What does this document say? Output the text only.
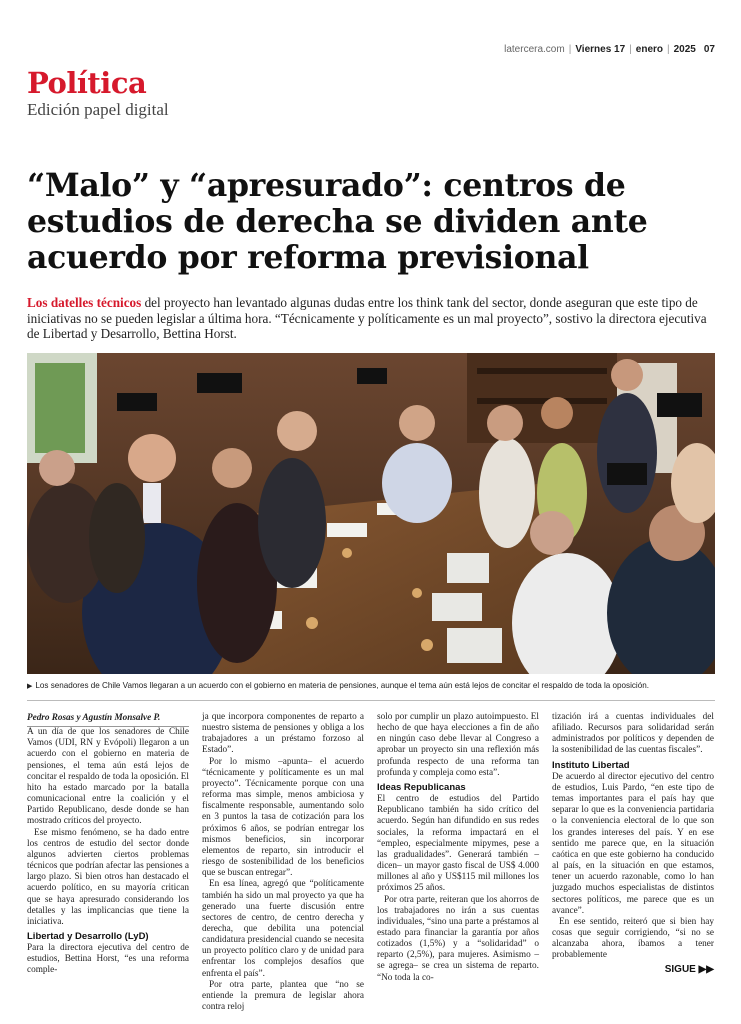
latercera.com | Viernes 17 | enero | 2025 07
Política
Edición papel digital
“Malo” y “apresurado”: centros de estudios de derecha se dividen ante acuerdo por reforma previsional
Los datelles técnicos del proyecto han levantado algunas dudas entre los think tank del sector, donde aseguran que este tipo de iniciativas no se pueden legislar a última hora. “Técnicamente y políticamente es un mal proyecto”, sostivo la directora ejecutiva de Libertad y Desarrollo, Bettina Horst.
▶ Los senadores de Chile Vamos llegaran a un acuerdo con el gobierno en materia de pensiones, aunque el tema aún está lejos de concitar el respaldo de toda la oposición.

Pedro Rosas y Agustín Monsalve P.

A un día de que los senadores de Chile Vamos (UDI, RN y Evópoli) llegaron a un acuerdo con el gobierno en materia de pensiones, el tema aún está lejos de concitar el respaldo de toda la oposición. El hito ha estado marcado por la batalla comunicacional entre la coalición y el Partido Republicano, desde donde se han mostrado críticos del proyecto.

Ese mismo fenómeno, se ha dado entre los centros de estudio del sector donde algunos advierten ciertos problemas técnicos que podrían afectar las pensiones a largo plazo. Si bien otros han destacado el acuerdo político, en su mayoría critican que se haya apresurado considerando los detalles y las implicancias que tiene la iniciativa.

Libertad y Desarrollo (LyD)

Para la directora ejecutiva del centro de estudios, Bettina Horst, “es una reforma comple-

ja que incorpora componentes de reparto a nuestro sistema de pensiones y obliga a los trabajadores a un préstamo forzoso al Estado”.

Por lo mismo –apunta– el acuerdo “técnicamente y políticamente es un mal proyecto”. Técnicamente porque con una reforma mas simple, menos ambiciosa y fiscalmente responsable, aumentando solo en 3 puntos la tasa de cotización para los próximos 6 años, se podrían entregar los mismos beneficios, sin incorporar elementos de reparto, sin introducir el riesgo de sostenibilidad de los beneficios que se buscan entregar”.

En esa línea, agregó que “políticamente también ha sido un mal proyecto ya que ha generado una fuerte discusión entre sectores de centro, de centro derecha y derecha, que debilita una potencial candidatura presidencial cuando se necesita un proyecto político claro y de unidad para enfrentar los complejos desafíos que enfrenta el país”.

Por otra parte, plantea que “no se entiende la premura de legislar ahora contra reloj

solo por cumplir un plazo autoimpuesto. El hecho de que haya elecciones a fin de año en ningún caso debe llevar al Congreso a aprobar un proyecto sin una reflexión más profunda respecto de una reforma tan profunda y compleja como esta”.

Ideas Republicanas

El centro de estudios del Partido Republicano también ha sido crítico del acuerdo. Según han difundido en sus redes sociales, la reforma impactará en el “empleo, especialmente mipymes, pese a las gradualidades”. Generará también –dicen– un mayor gasto fiscal de US$ 4.000 millones al año y US$115 mil millones los próximos 25 años.

Por otra parte, reiteran que los ahorros de los trabajadores no irán a sus cuentas individuales, “sino una parte a préstamos al estado para financiar la garantía por años cotizados (1,5%) y a “solidaridad” o reparto (2,5%), para mujeres. Asimismo –se agrega– se crea un sistema de reparto. “No toda la co-

tización irá a cuentas individuales del afiliado. Recursos para solidaridad serán administrados por políticos y dependen de la sostenibilidad de las cuentas fiscales”.

Instituto Libertad

De acuerdo al director ejecutivo del centro de estudios, Luis Pardo, “en este tipo de temas importantes para el país hay que separar lo que es la conveniencia partidaria o la conveniencia electoral de lo que son los grandes intereses del país. Y en ese sentido me parece que, en la situación caótica en que este gobierno ha conducido al país, en la situación en que estamos, tener un acuerdo razonable, como lo han juzgado muchos especialistas de distintos sectores políticos, me parece que es un avance”.

En ese sentido, reiteró que si bien hay cosas que seguir corrigiendo, “si no se alcanzaba ahora, íbamos a tener probablemente

SIGUE ▶▶
